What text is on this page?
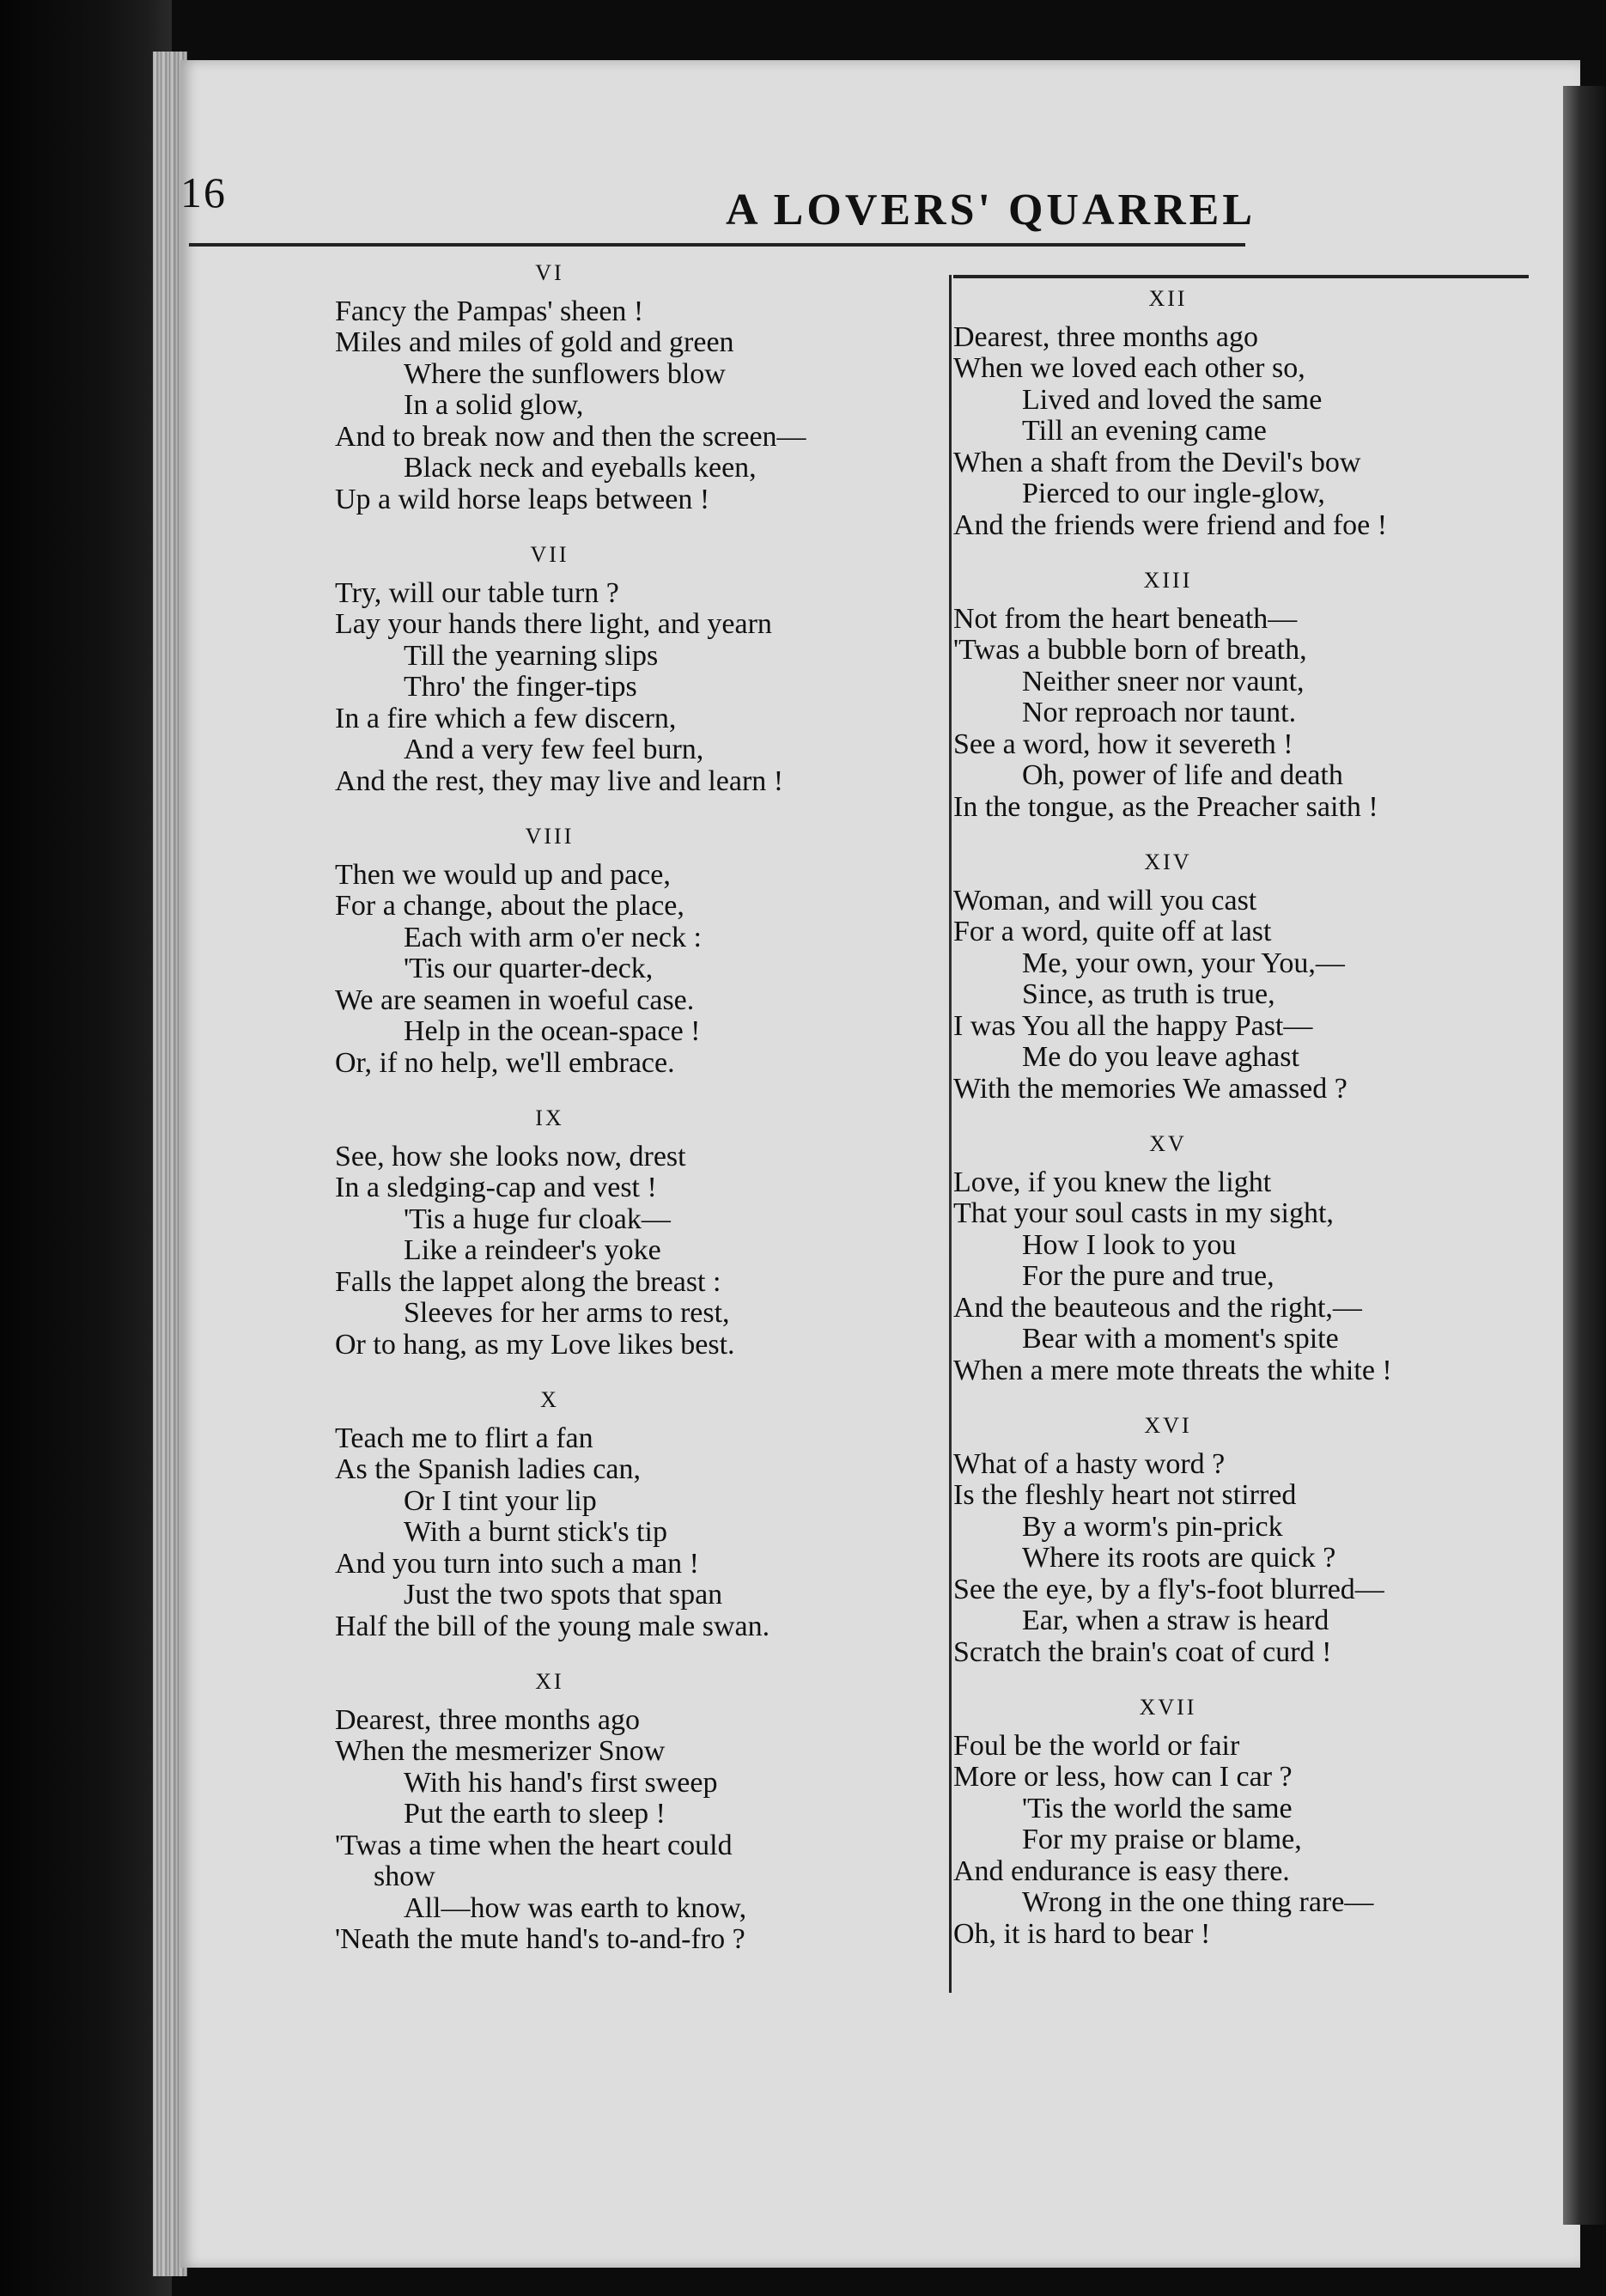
16	A LOVERS' QUARREL
VI
Fancy the Pampas' sheen !
Miles and miles of gold and green
Where the sunflowers blow
In a solid glow,
And to break now and then the screen—
Black neck and eyeballs keen,
Up a wild horse leaps between !
VII
Try, will our table turn ?
Lay your hands there light, and yearn
Till the yearning slips
Thro' the finger-tips
In a fire which a few discern,
And a very few feel burn,
And the rest, they may live and learn !
VIII
Then we would up and pace,
For a change, about the place,
Each with arm o'er neck :
'Tis our quarter-deck,
We are seamen in woeful case.
Help in the ocean-space !
Or, if no help, we'll embrace.
IX
See, how she looks now, drest
In a sledging-cap and vest !
'Tis a huge fur cloak—
Like a reindeer's yoke
Falls the lappet along the breast :
Sleeves for her arms to rest,
Or to hang, as my Love likes best.
X
Teach me to flirt a fan
As the Spanish ladies can,
Or I tint your lip
With a burnt stick's tip
And you turn into such a man !
Just the two spots that span
Half the bill of the young male swan.
XI
Dearest, three months ago
When the mesmerizer Snow
With his hand's first sweep
Put the earth to sleep !
'Twas a time when the heart could
show
All—how was earth to know,
'Neath the mute hand's to-and-fro ?
XII
Dearest, three months ago
When we loved each other so,
Lived and loved the same
Till an evening came
When a shaft from the Devil's bow
Pierced to our ingle-glow,
And the friends were friend and foe !
XIII
Not from the heart beneath—
'Twas a bubble born of breath,
Neither sneer nor vaunt,
Nor reproach nor taunt.
See a word, how it severeth !
Oh, power of life and death
In the tongue, as the Preacher saith !
XIV
Woman, and will you cast
For a word, quite off at last
Me, your own, your You,—
Since, as truth is true,
I was You all the happy Past—
Me do you leave aghast
With the memories We amassed ?
XV
Love, if you knew the light
That your soul casts in my sight,
How I look to you
For the pure and true,
And the beauteous and the right,—
Bear with a moment's spite
When a mere mote threats the white !
XVI
What of a hasty word ?
Is the fleshly heart not stirred
By a worm's pin-prick
Where its roots are quick ?
See the eye, by a fly's-foot blurred—
Ear, when a straw is heard
Scratch the brain's coat of curd !
XVII
Foul be the world or fair
More or less, how can I car ?
'Tis the world the same
For my praise or blame,
And endurance is easy there.
Wrong in the one thing rare—
Oh, it is hard to bear !
